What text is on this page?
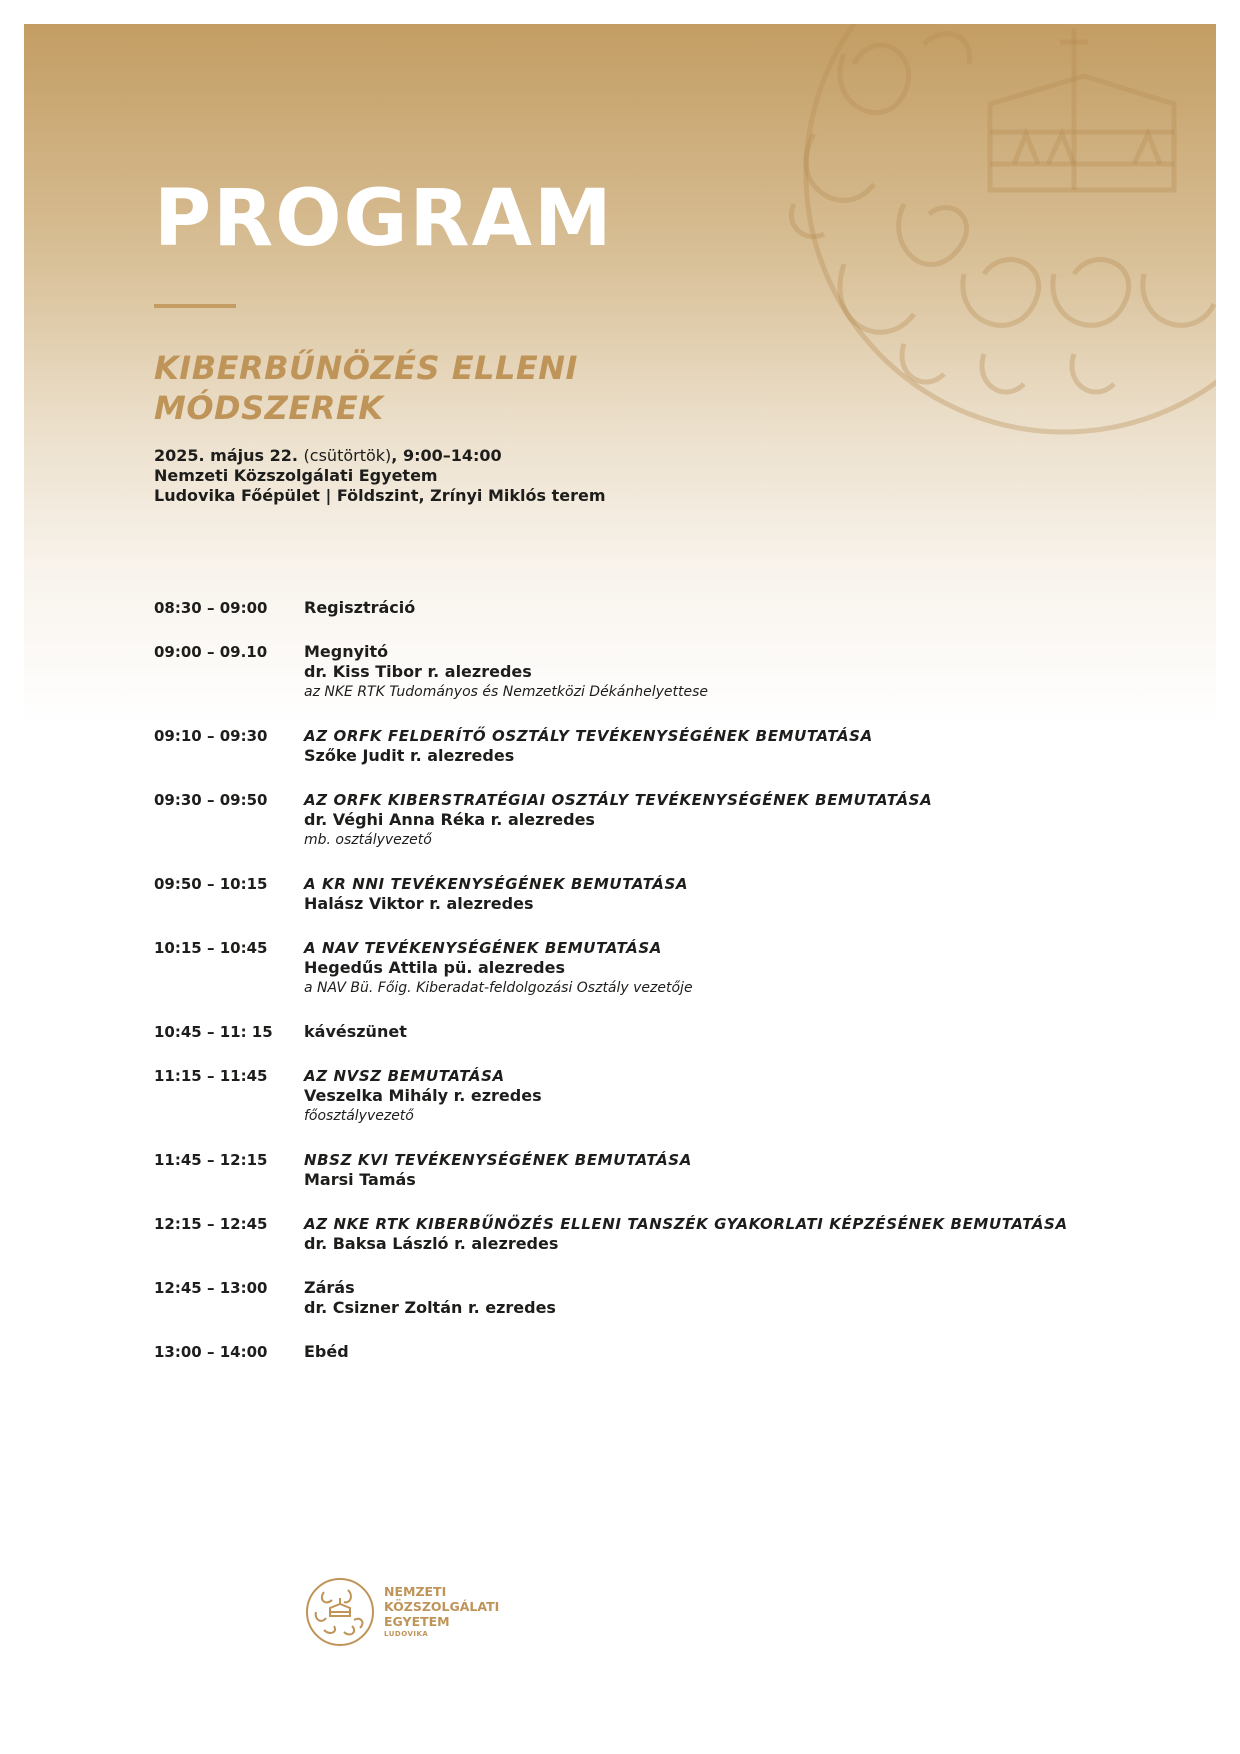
PROGRAM
KIBERBŰNÖZÉS ELLENI
MÓDSZEREK
2025. május 22. (csütörtök), 9:00–14:00
Nemzeti Közszolgálati Egyetem
Ludovika Főépület | Földszint, Zrínyi Miklós terem
08:30 – 09:00	Regisztráció
09:00 – 09.10	Megnyitó
dr. Kiss Tibor r. alezredes
az NKE RTK Tudományos és Nemzetközi Dékánhelyettese
09:10 – 09:30	AZ ORFK FELDERÍTŐ OSZTÁLY TEVÉKENYSÉGÉNEK BEMUTATÁSA
Szőke Judit r. alezredes
09:30 – 09:50	AZ ORFK KIBERSTRATÉGIAI OSZTÁLY TEVÉKENYSÉGÉNEK BEMUTATÁSA
dr. Véghi Anna Réka r. alezredes
mb. osztályvezető
09:50 – 10:15	A KR NNI TEVÉKENYSÉGÉNEK BEMUTATÁSA
Halász Viktor r. alezredes
10:15 – 10:45	A NAV TEVÉKENYSÉGÉNEK BEMUTATÁSA
Hegedűs Attila pü. alezredes
a NAV Bü. Főig. Kiberadat-feldolgozási Osztály vezetője
10:45 – 11: 15	kávészünet
11:15 – 11:45	AZ NVSZ BEMUTATÁSA
Veszelka Mihály r. ezredes
főosztályvezető
11:45 – 12:15	NBSZ KVI TEVÉKENYSÉGÉNEK BEMUTATÁSA
Marsi Tamás
12:15 – 12:45	AZ NKE RTK KIBERBŰNÖZÉS ELLENI TANSZÉK GYAKORLATI KÉPZÉSÉNEK BEMUTATÁSA
dr. Baksa László r. alezredes
12:45 – 13:00	Zárás
dr. Csizner Zoltán r. ezredes
13:00 – 14:00	Ebéd
NEMZETI
KÖZSZOLGÁLATI
EGYETEM
LUDOVIKA
